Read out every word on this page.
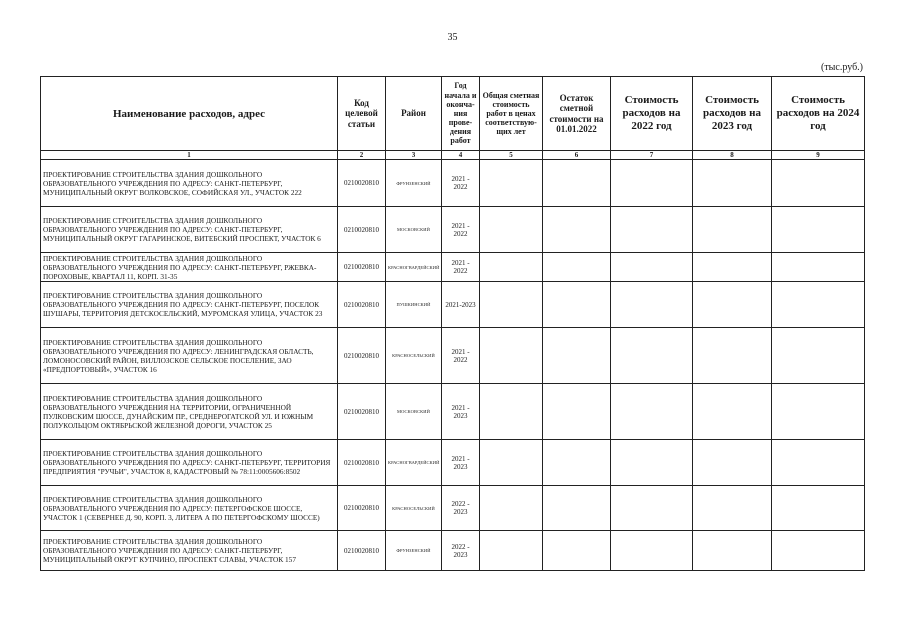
35
(тыс.руб.)
Наименование расходов, адрес	Код целевой статьи	Район	Год начала и оконча-ния прове-дения работ	Общая сметная стоимость работ в ценах соответствую-щих лет	Остаток сметной стоимости на 01.01.2022	Стоимость расходов на 2022 год	Стоимость расходов на 2023 год	Стоимость расходов на 2024 год
1	2	3	4	5	6	7	8	9
ПРОЕКТИРОВАНИЕ СТРОИТЕЛЬСТВА ЗДАНИЯ ДОШКОЛЬНОГО ОБРАЗОВАТЕЛЬНОГО УЧРЕЖДЕНИЯ ПО АДРЕСУ: САНКТ-ПЕТЕРБУРГ, МУНИЦИПАЛЬНЫЙ ОКРУГ ВОЛКОВСКОЕ, СОФИЙСКАЯ УЛ., УЧАСТОК 222	0210020810	ФРУНЗЕНСКИЙ	2021 - 2022					
ПРОЕКТИРОВАНИЕ СТРОИТЕЛЬСТВА ЗДАНИЯ ДОШКОЛЬНОГО ОБРАЗОВАТЕЛЬНОГО УЧРЕЖДЕНИЯ ПО АДРЕСУ: САНКТ-ПЕТЕРБУРГ, МУНИЦИПАЛЬНЫЙ ОКРУГ ГАГАРИНСКОЕ, ВИТЕБСКИЙ ПРОСПЕКТ, УЧАСТОК 6	0210020810	МОСКОВСКИЙ	2021 - 2022					
ПРОЕКТИРОВАНИЕ СТРОИТЕЛЬСТВА ЗДАНИЯ ДОШКОЛЬНОГО ОБРАЗОВАТЕЛЬНОГО УЧРЕЖДЕНИЯ ПО АДРЕСУ: САНКТ-ПЕТЕРБУРГ, РЖЕВКА-ПОРОХОВЫЕ, КВАРТАЛ 11, КОРП. 31-35	0210020810	КРАСНОГВАРДЕЙСКИЙ	2021 - 2022					
ПРОЕКТИРОВАНИЕ СТРОИТЕЛЬСТВА ЗДАНИЯ ДОШКОЛЬНОГО ОБРАЗОВАТЕЛЬНОГО УЧРЕЖДЕНИЯ ПО АДРЕСУ: САНКТ-ПЕТЕРБУРГ, ПОСЕЛОК ШУШАРЫ, ТЕРРИТОРИЯ ДЕТСКОСЕЛЬСКИЙ, МУРОМСКАЯ УЛИЦА, УЧАСТОК 23	0210020810	ПУШКИНСКИЙ	2021-2023					
ПРОЕКТИРОВАНИЕ СТРОИТЕЛЬСТВА ЗДАНИЯ ДОШКОЛЬНОГО ОБРАЗОВАТЕЛЬНОГО УЧРЕЖДЕНИЯ ПО АДРЕСУ: ЛЕНИНГРАДСКАЯ ОБЛАСТЬ, ЛОМОНОСОВСКИЙ РАЙОН, ВИЛЛОЗСКОЕ СЕЛЬСКОЕ ПОСЕЛЕНИЕ, ЗАО «ПРЕДПОРТОВЫЙ», УЧАСТОК 16	0210020810	КРАСНОСЕЛЬСКИЙ	2021 - 2022					
ПРОЕКТИРОВАНИЕ СТРОИТЕЛЬСТВА ЗДАНИЯ ДОШКОЛЬНОГО ОБРАЗОВАТЕЛЬНОГО УЧРЕЖДЕНИЯ НА ТЕРРИТОРИИ, ОГРАНИЧЕННОЙ ПУЛКОВСКИМ ШОССЕ, ДУНАЙСКИМ ПР., СРЕДНЕРОГАТСКОЙ УЛ. И ЮЖНЫМ ПОЛУКОЛЬЦОМ ОКТЯБРЬСКОЙ ЖЕЛЕЗНОЙ ДОРОГИ, УЧАСТОК 25	0210020810	МОСКОВСКИЙ	2021 - 2023					
ПРОЕКТИРОВАНИЕ СТРОИТЕЛЬСТВА ЗДАНИЯ ДОШКОЛЬНОГО ОБРАЗОВАТЕЛЬНОГО УЧРЕЖДЕНИЯ ПО АДРЕСУ: САНКТ-ПЕТЕРБУРГ, ТЕРРИТОРИЯ ПРЕДПРИЯТИЯ "РУЧЬИ", УЧАСТОК 8, КАДАСТРОВЫЙ № 78:11:0005606:8502	0210020810	КРАСНОГВАРДЕЙСКИЙ	2021 - 2023					
ПРОЕКТИРОВАНИЕ СТРОИТЕЛЬСТВА ЗДАНИЯ ДОШКОЛЬНОГО ОБРАЗОВАТЕЛЬНОГО УЧРЕЖДЕНИЯ ПО АДРЕСУ: ПЕТЕРГОФСКОЕ ШОССЕ, УЧАСТОК 1 (СЕВЕРНЕЕ Д. 90, КОРП. 3, ЛИТЕРА А ПО ПЕТЕРГОФСКОМУ ШОССЕ)	0210020810	КРАСНОСЕЛЬСКИЙ	2022 - 2023					
ПРОЕКТИРОВАНИЕ СТРОИТЕЛЬСТВА ЗДАНИЯ ДОШКОЛЬНОГО ОБРАЗОВАТЕЛЬНОГО УЧРЕЖДЕНИЯ ПО АДРЕСУ: САНКТ-ПЕТЕРБУРГ, МУНИЦИПАЛЬНЫЙ ОКРУГ КУПЧИНО, ПРОСПЕКТ СЛАВЫ, УЧАСТОК 157	0210020810	ФРУНЗЕНСКИЙ	2022 - 2023					
